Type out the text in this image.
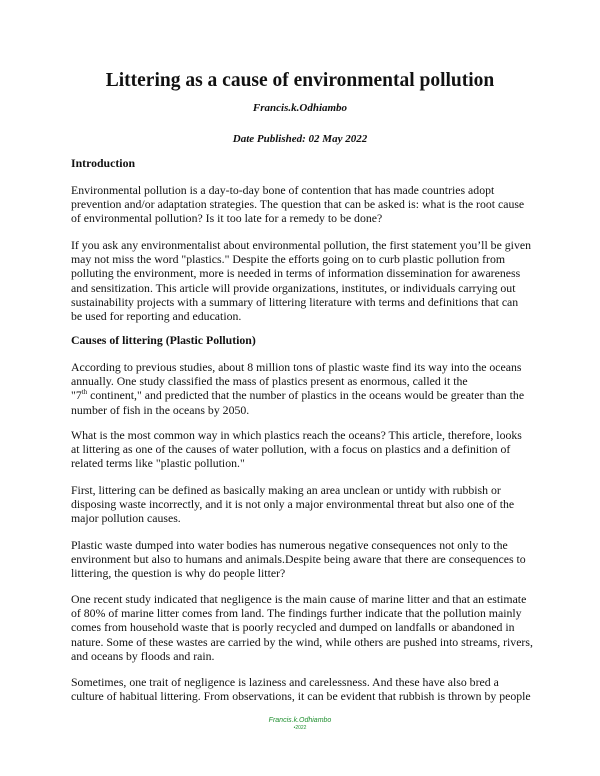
Littering as a cause of environmental pollution
Francis.k.Odhiambo
Date Published: 02 May 2022
Introduction

Environmental pollution is a day-to-day bone of contention that has made countries adopt
prevention and/or adaptation strategies. The question that can be asked is: what is the root cause
of environmental pollution? Is it too late for a remedy to be done?

If you ask any environmentalist about environmental pollution, the first statement you’ll be given
may not miss the word "plastics." Despite the efforts going on to curb plastic pollution from
polluting the environment, more is needed in terms of information dissemination for awareness
and sensitization. This article will provide organizations, institutes, or individuals carrying out
sustainability projects with a summary of littering literature with terms and definitions that can
be used for reporting and education.

Causes of littering (Plastic Pollution)

According to previous studies, about 8 million tons of plastic waste find its way into the oceans
annually. One study classified the mass of plastics present as enormous, called it the
"7th continent," and predicted that the number of plastics in the oceans would be greater than the
number of fish in the oceans by 2050.

What is the most common way in which plastics reach the oceans? This article, therefore, looks
at littering as one of the causes of water pollution, with a focus on plastics and a definition of
related terms like "plastic pollution."

First, littering can be defined as basically making an area unclean or untidy with rubbish or
disposing waste incorrectly, and it is not only a major environmental threat but also one of the
major pollution causes.

Plastic waste dumped into water bodies has numerous negative consequences not only to the
environment but also to humans and animals.Despite being aware that there are consequences to
littering, the question is why do people litter?

One recent study indicated that negligence is the main cause of marine litter and that an estimate
of 80% of marine litter comes from land. The findings further indicate that the pollution mainly
comes from household waste that is poorly recycled and dumped on landfalls or abandoned in
nature. Some of these wastes are carried by the wind, while others are pushed into streams, rivers,
and oceans by floods and rain.

Sometimes, one trait of negligence is laziness and carelessness. And these have also bred a
culture of habitual littering. From observations, it can be evident that rubbish is thrown by people

Francis.k.Odhiambo
•2022
